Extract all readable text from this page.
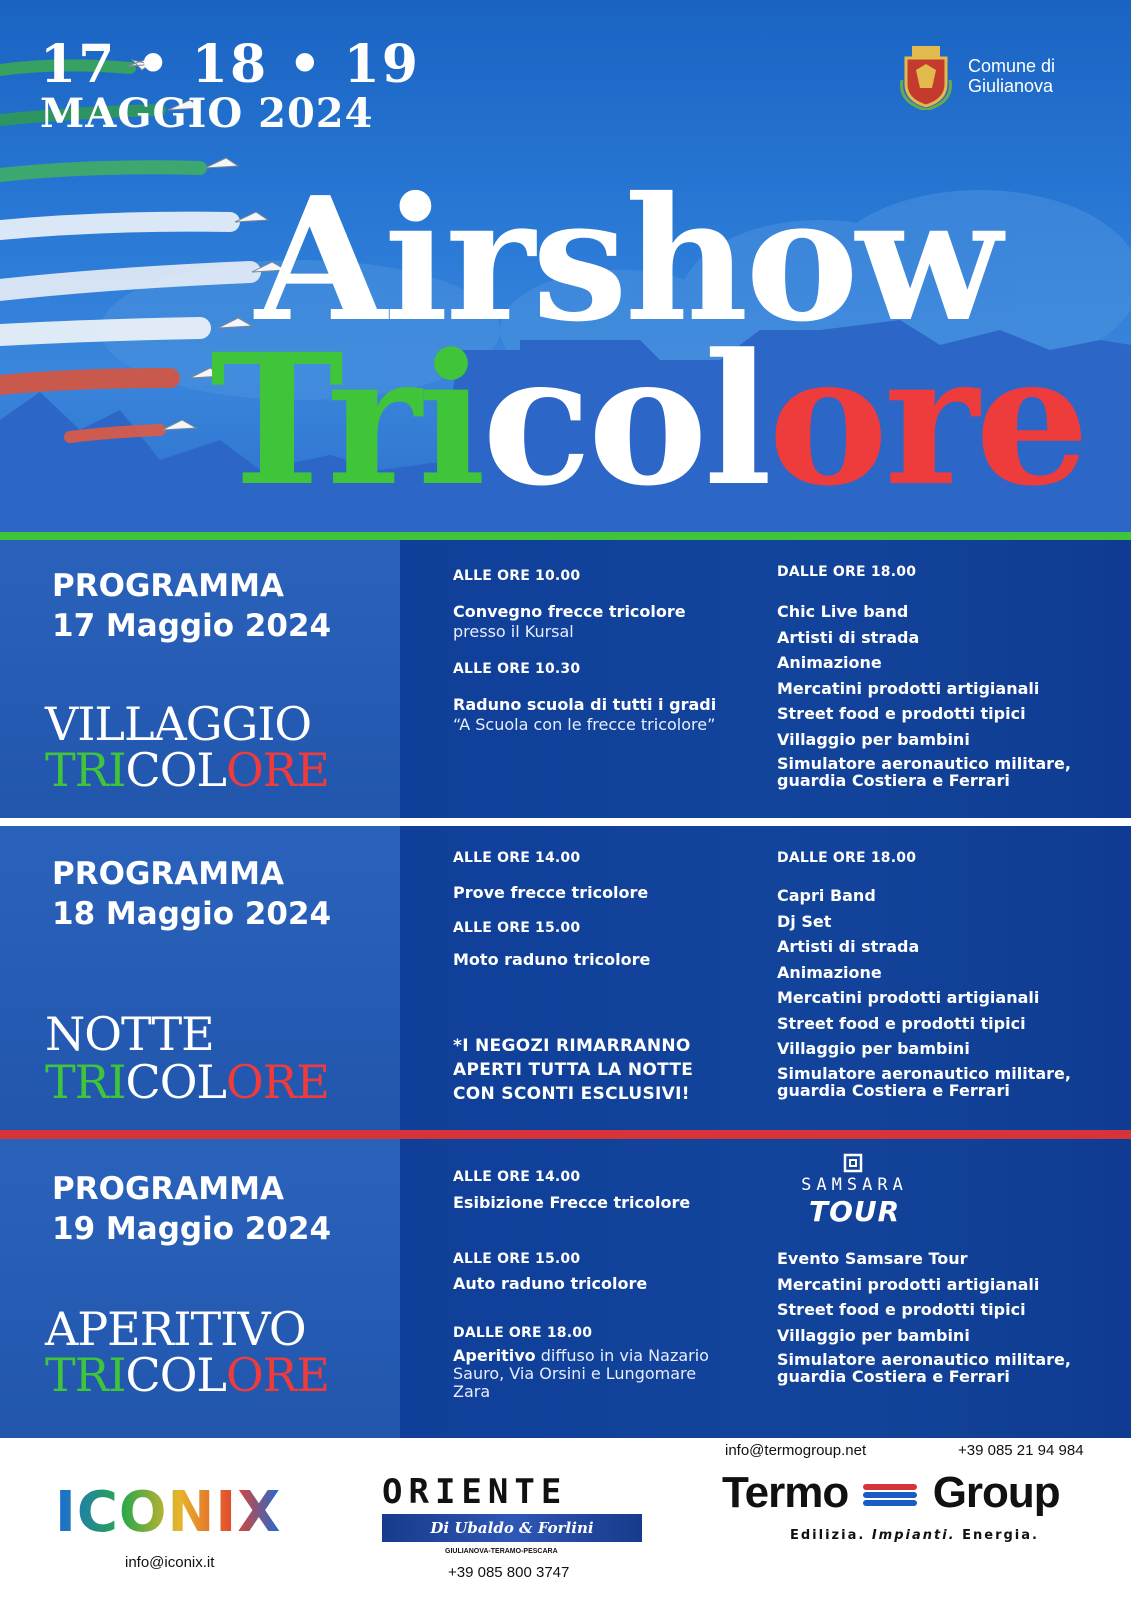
17 • 18 • 19
MAGGIO 2024
Comune di
Giulianova
Airshow
Tricolore
PROGRAMMA
17 Maggio 2024
VILLAGGIO
TRICOLORE
ALLE ORE 10.00
Convegno frecce tricolore
presso il Kursal
ALLE ORE 10.30
Raduno scuola di tutti i gradi
“A Scuola con le frecce tricolore”
DALLE ORE 18.00
Chic Live band
Artisti di strada
Animazione
Mercatini prodotti artigianali
Street food e prodotti tipici
Villaggio per bambini
Simulatore aeronautico militare,
guardia Costiera e Ferrari
PROGRAMMA
18 Maggio 2024
NOTTE
TRICOLORE
ALLE ORE 14.00
Prove frecce tricolore
ALLE ORE 15.00
Moto raduno tricolore
*I NEGOZI RIMARRANNO
APERTI TUTTA LA NOTTE
CON SCONTI ESCLUSIVI!
DALLE ORE 18.00
Capri Band
Dj Set
Artisti di strada
Animazione
Mercatini prodotti artigianali
Street food e prodotti tipici
Villaggio per bambini
Simulatore aeronautico militare,
guardia Costiera e Ferrari
PROGRAMMA
19 Maggio 2024
APERITIVO
TRICOLORE
ALLE ORE 14.00
Esibizione Frecce tricolore
ALLE ORE 15.00
Auto raduno tricolore
DALLE ORE 18.00
Aperitivo diffuso in via Nazario
Sauro, Via Orsini e Lungomare
Zara
SAMSARA
TOUR
Evento Samsare Tour
Mercatini prodotti artigianali
Street food e prodotti tipici
Villaggio per bambini
Simulatore aeronautico militare,
guardia Costiera e Ferrari
ICONIX
info@iconix.it
ORIENTE
Di Ubaldo & Forlini
GIULIANOVA-TERAMO-PESCARA
+39 085 800 3747
info@termogroup.net	+39 085 21 94 984
Termo Group
Edilizia. Impianti. Energia.
